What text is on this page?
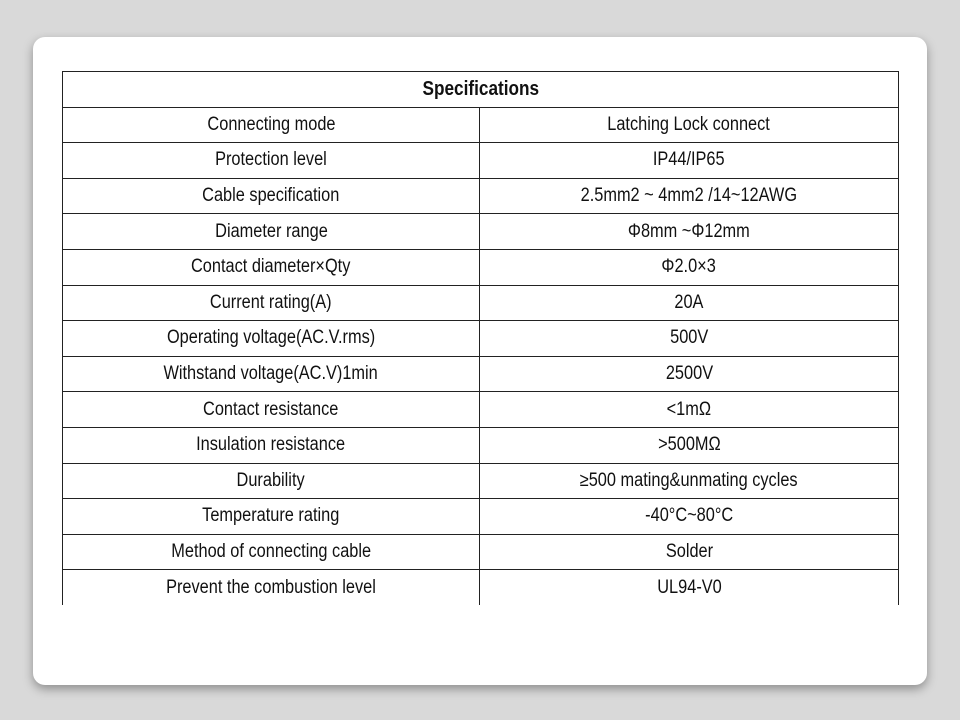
Specifications	
Connecting mode	Latching Lock connect
Protection level	IP44/IP65
Cable specification	2.5mm2 ~ 4mm2 /14~12AWG
Diameter range	Φ8mm ~Φ12mm
Contact diameter×Qty	Φ2.0×3
Current rating(A)	20A
Operating voltage(AC.V.rms)	500V
Withstand voltage(AC.V)1min	2500V
Contact resistance	<1mΩ
Insulation resistance	>500MΩ
Durability	≥500 mating&unmating cycles
Temperature rating	-40°C~80°C
Method of connecting cable	Solder
Prevent the combustion level	UL94-V0
